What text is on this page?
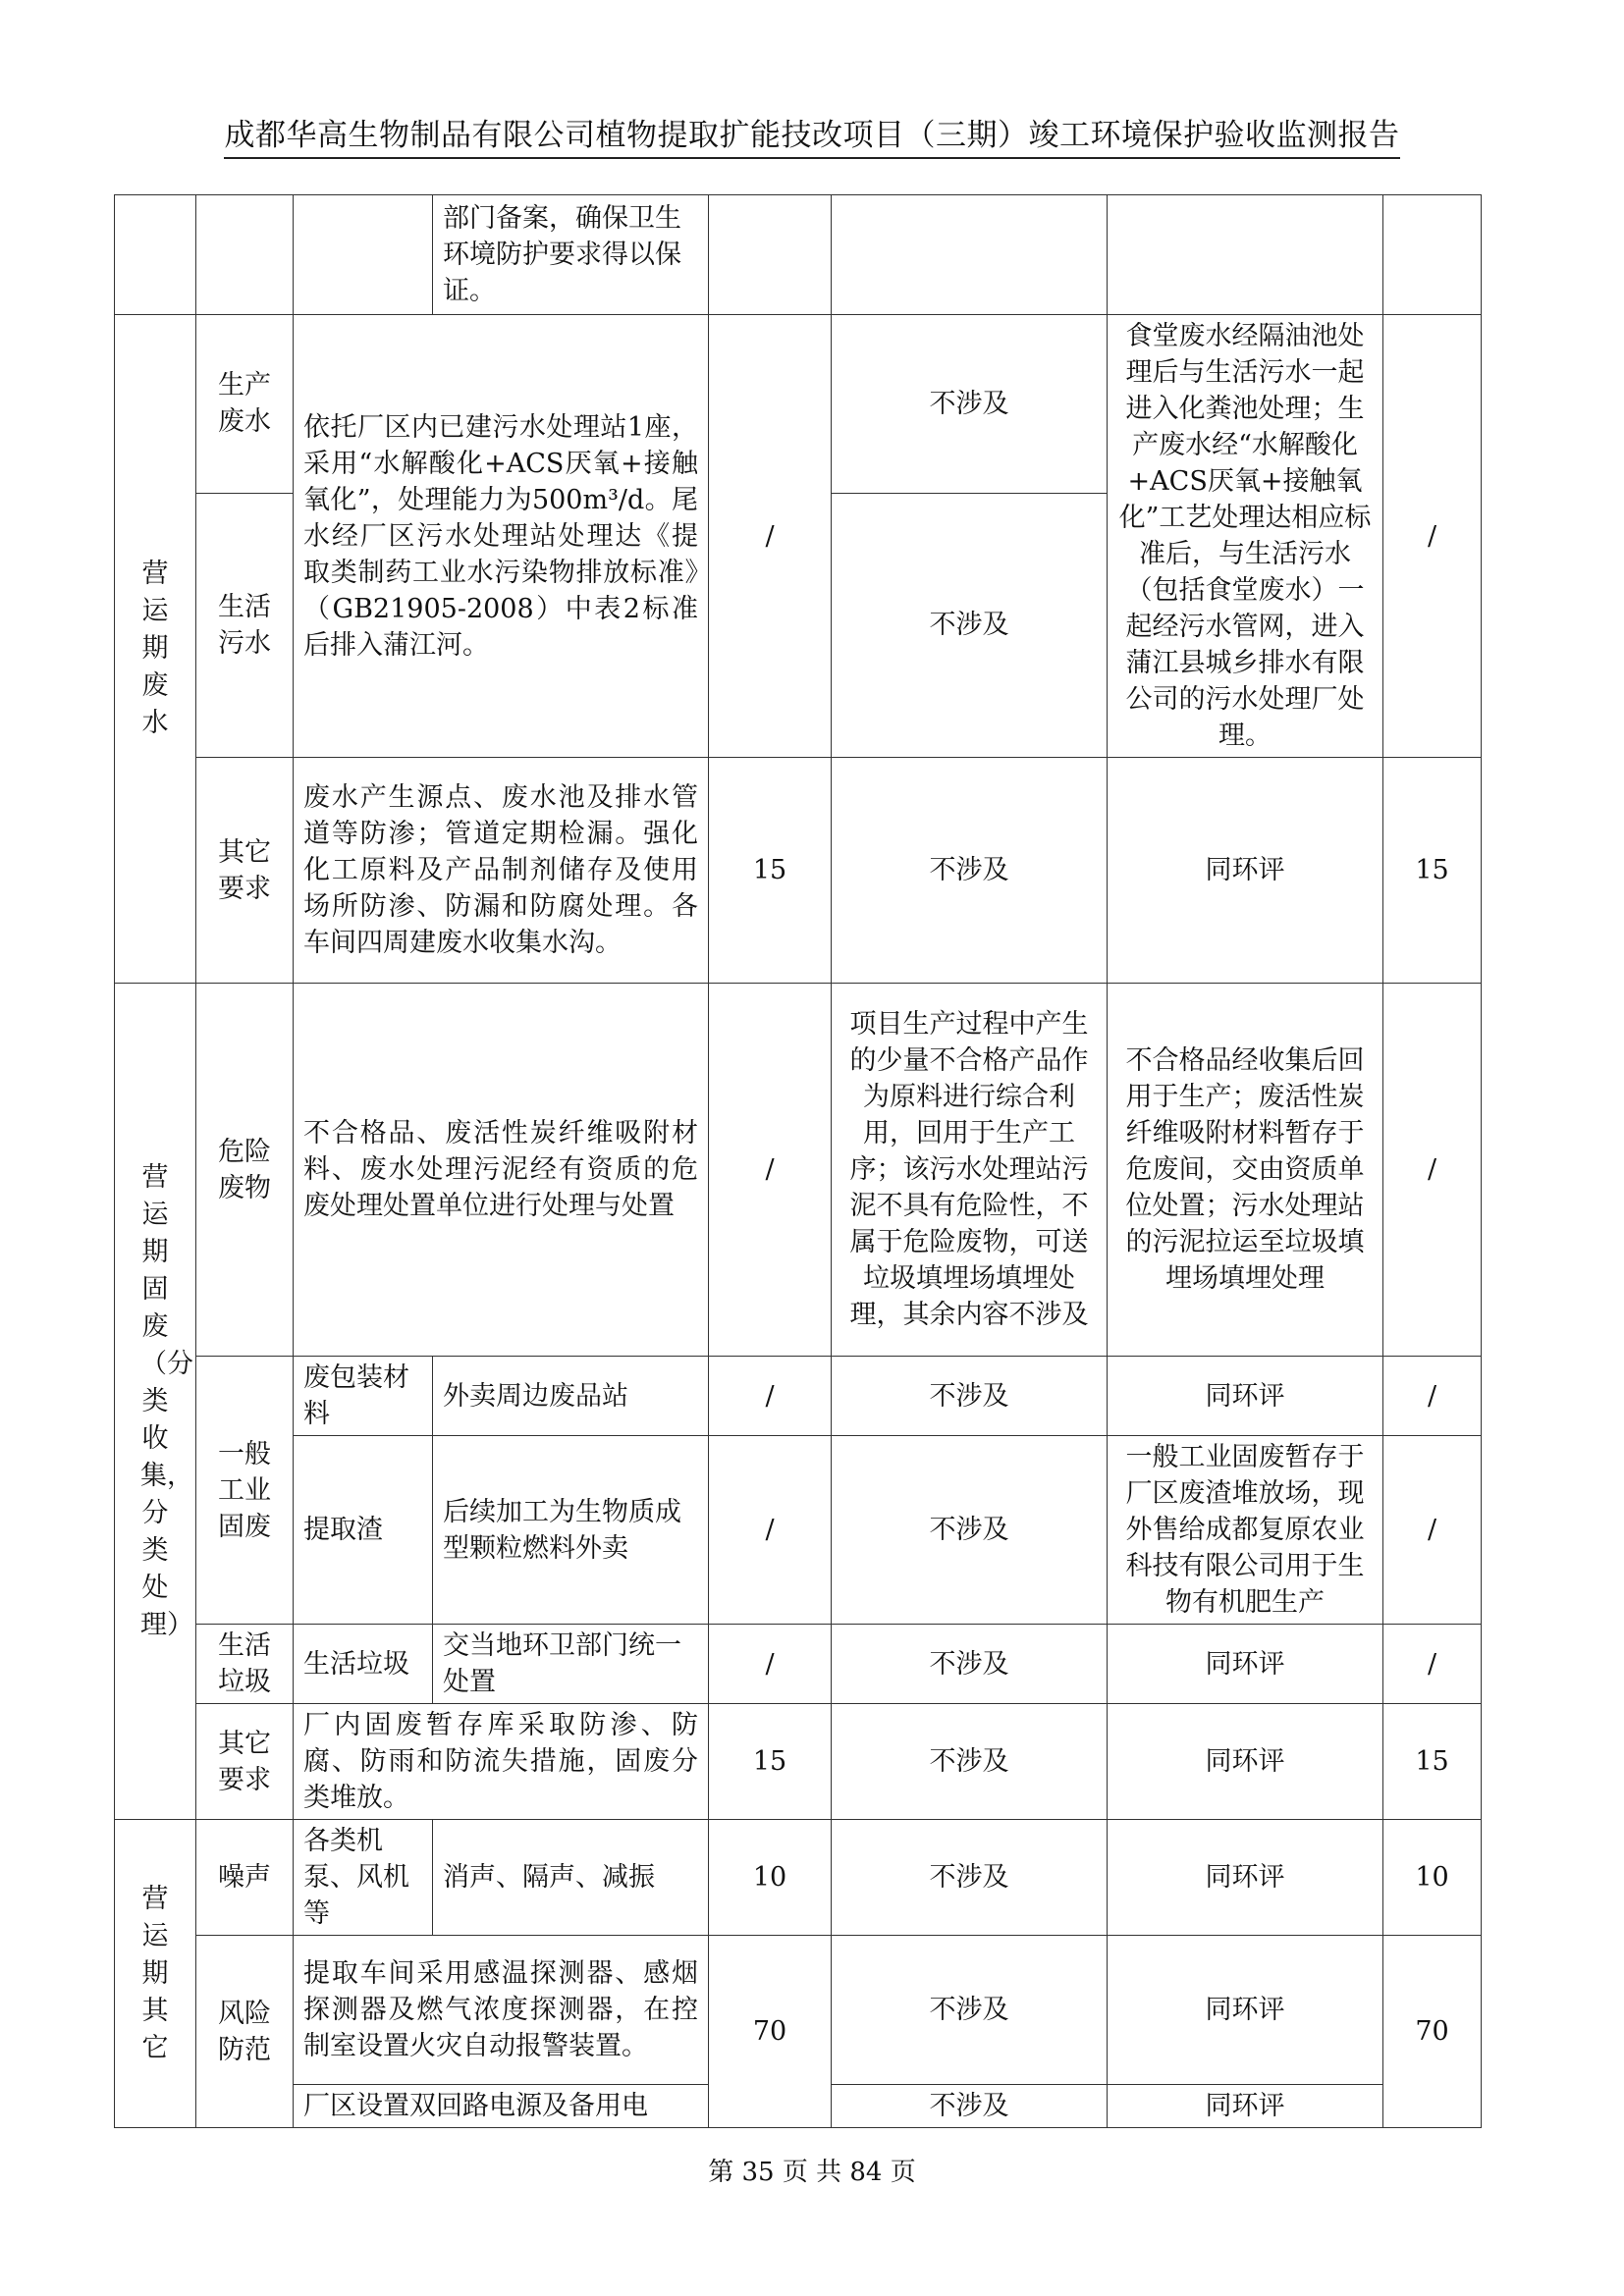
成都华高生物制品有限公司植物提取扩能技改项目（三期）竣工环境保护验收监测报告
			部门备案，确保卫生环境防护要求得以保证。				
营运期废水	生产废水	依托厂区内已建污水处理站1座，采用“水解酸化+ACS厌氧+接触氧化”，处理能力为500m³/d。尾水经厂区污水处理站处理达《提取类制药工业水污染物排放标准》（GB21905-2008）中表2标准后排入蒲江河。		/	不涉及	食堂废水经隔油池处理后与生活污水一起进入化粪池处理；生产废水经“水解酸化+ACS厌氧+接触氧化”工艺处理达相应标准后，与生活污水（包括食堂废水）一起经污水管网，进入蒲江县城乡排水有限公司的污水处理厂处理。	/
	生活污水				不涉及		
	其它要求	废水产生源点、废水池及排水管道等防渗；管道定期检漏。强化化工原料及产品制剂储存及使用场所防渗、防漏和防腐处理。各车间四周建废水收集水沟。		15	不涉及	同环评	15
营运期固废（分类收集，分类处理）	危险废物	不合格品、废活性炭纤维吸附材料、废水处理污泥经有资质的危废处理处置单位进行处理与处置		/	项目生产过程中产生的少量不合格产品作为原料进行综合利用，回用于生产工序；该污水处理站污泥不具有危险性，不属于危险废物，可送垃圾填埋场填埋处理，其余内容不涉及	不合格品经收集后回用于生产；废活性炭纤维吸附材料暂存于危废间，交由资质单位处置；污水处理站的污泥拉运至垃圾填埋场填埋处理	/
	一般工业固废	废包装材料	外卖周边废品站	/	不涉及	同环评	/
		提取渣	后续加工为生物质成型颗粒燃料外卖	/	不涉及	一般工业固废暂存于厂区废渣堆放场，现外售给成都复原农业科技有限公司用于生物有机肥生产	/
	生活垃圾	生活垃圾	交当地环卫部门统一处置	/	不涉及	同环评	/
	其它要求	厂内固废暂存库采取防渗、防腐、防雨和防流失措施，固废分类堆放。		15	不涉及	同环评	15
营运期其它	噪声	各类机泵、风机等	消声、隔声、减振	10	不涉及	同环评	10
	风险防范	提取车间采用感温探测器、感烟探测器及燃气浓度探测器，在控制室设置火灾自动报警装置。		70	不涉及	同环评	70
		厂区设置双回路电源及备用电			不涉及	同环评	
第 35 页 共 84 页
